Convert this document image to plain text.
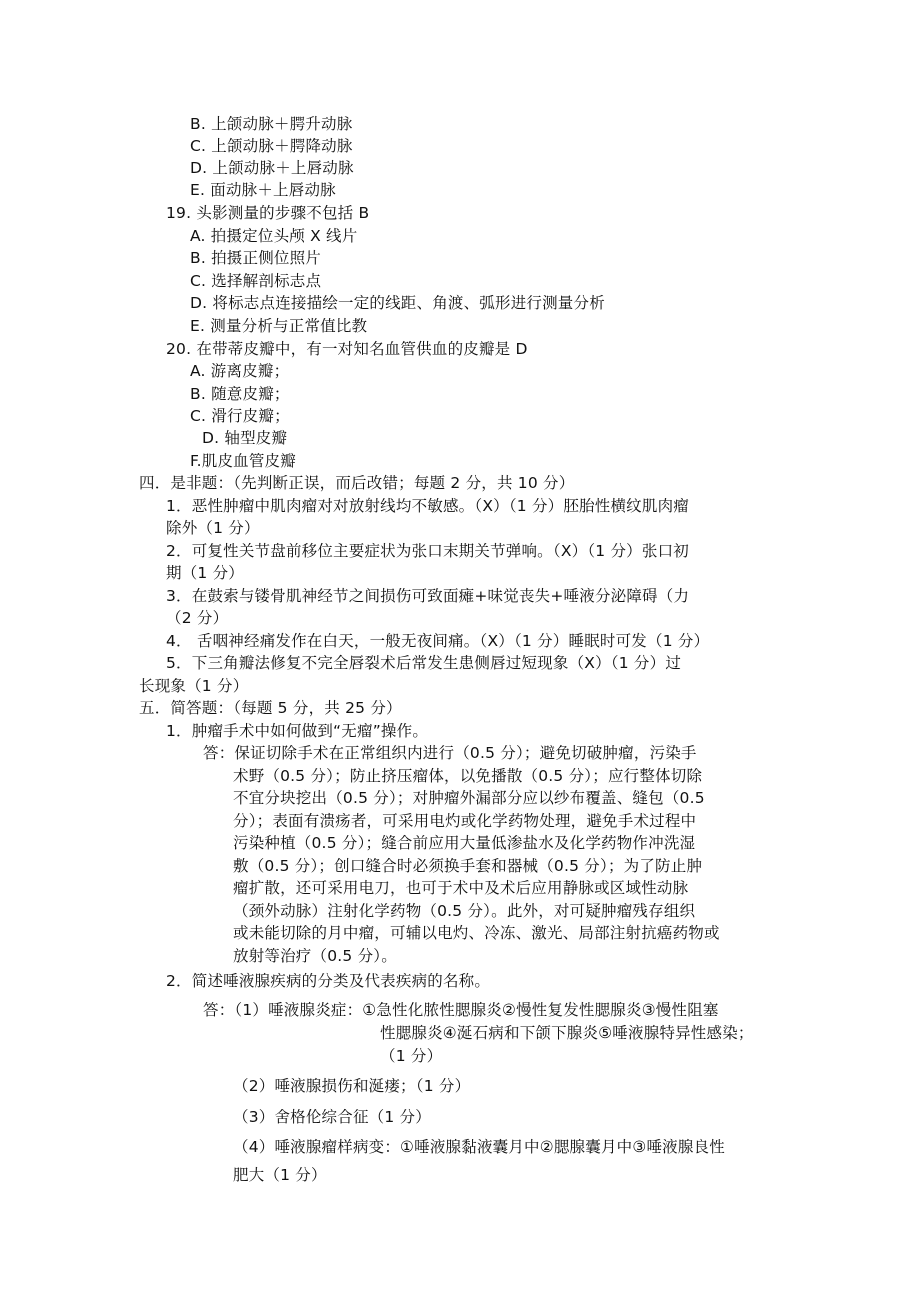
B. 上颌动脉＋腭升动脉
C. 上颌动脉＋腭降动脉
D. 上颌动脉＋上唇动脉
E. 面动脉＋上唇动脉
19. 头影测量的步骤不包括 B
A. 拍摄定位头颅 X 线片
B. 拍摄正侧位照片
C. 选择解剖标志点
D. 将标志点连接描绘一定的线距、角渡、弧形进行测量分析
E. 测量分析与正常值比教
20. 在带蒂皮瓣中，有一对知名血管供血的皮瓣是 D
A. 游离皮瓣；
B. 随意皮瓣；
C. 滑行皮瓣；
D. 轴型皮瓣
F.肌皮血管皮瓣
四．是非题：（先判断正误，而后改错；每题 2 分，共 10 分）
1．恶性肿瘤中肌肉瘤对对放射线均不敏感。（X）（1 分）胚胎性横纹肌肉瘤
除外（1 分）
2．可复性关节盘前移位主要症状为张口末期关节弹响。（X）（1 分）张口初
期（1 分）
3．在鼓索与镂骨肌神经节之间损伤可致面瘫+味觉丧失+唾液分泌障碍（力
（2 分）
4． 舌咽神经痛发作在白天，一般无夜间痛。（X）（1 分）睡眠时可发（1 分）
5．下三角瓣法修复不完全唇裂术后常发生患侧唇过短现象（X）（1 分）过
长现象（1 分）
五．简答题：（每题 5 分，共 25 分）
1．肿瘤手术中如何做到“无瘤”操作。
答：保证切除手术在正常组织内进行（0.5 分）；避免切破肿瘤，污染手
术野（0.5 分）；防止挤压瘤体，以免播散（0.5 分）；应行整体切除
不宜分块挖出（0.5 分）；对肿瘤外漏部分应以纱布覆盖、缝包（0.5
分）；表面有溃疡者，可采用电灼或化学药物处理，避免手术过程中
污染种植（0.5 分）；缝合前应用大量低渗盐水及化学药物作冲洗湿
敷（0.5 分）；创口缝合时必须换手套和器械（0.5 分）；为了防止肿
瘤扩散，还可采用电刀，也可于术中及术后应用静脉或区域性动脉
（颈外动脉）注射化学药物（0.5 分）。此外，对可疑肿瘤残存组织
或未能切除的月中瘤，可辅以电灼、冷冻、激光、局部注射抗癌药物或
放射等治疗（0.5 分）。
2．简述唾液腺疾病的分类及代表疾病的名称。
答：（1）唾液腺炎症：①急性化脓性腮腺炎②慢性复发性腮腺炎③慢性阻塞
性腮腺炎④涎石病和下颌下腺炎⑤唾液腺特异性感染；
（1 分）
（2）唾液腺损伤和涎瘘；（1 分）
（3）舍格伦综合征（1 分）
（4）唾液腺瘤样病变：①唾液腺黏液囊月中②腮腺囊月中③唾液腺良性
肥大（1 分）
